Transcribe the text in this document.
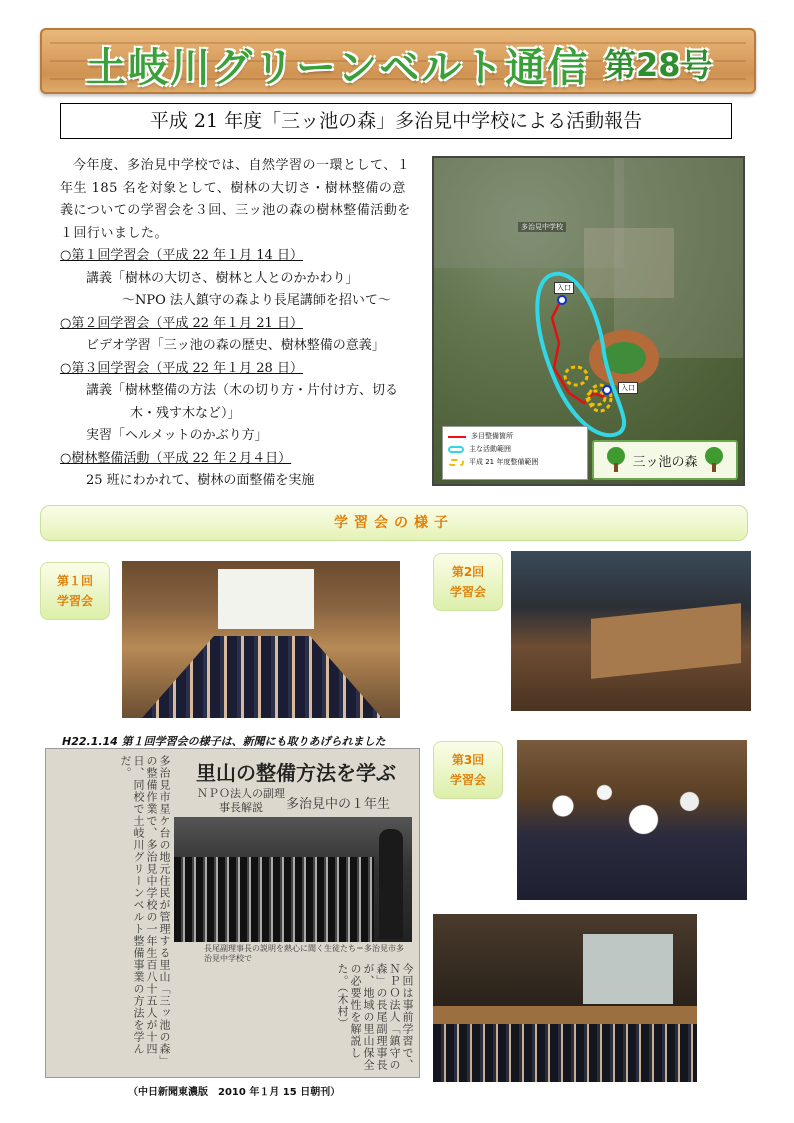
土岐川グリーンベルト通信 第28号
平成 21 年度「三ッ池の森」多治見中学校による活動報告

今年度、多治見中学校では、自然学習の一環として、１年生 185 名を対象として、樹林の大切さ・樹林整備の意義についての学習会を３回、三ッ池の森の樹林整備活動を１回行いました。

○第１回学習会（平成 22 年１月 14 日）

講義「樹林の大切さ、樹林と人とのかかわり」

～NPO 法人鎮守の森より長尾講師を招いて～

○第２回学習会（平成 22 年１月 21 日）

ビデオ学習「三ッ池の森の歴史、樹林整備の意義」

○第３回学習会（平成 22 年１月 28 日）

講義「樹林整備の方法（木の切り方・片付け方、切る

木・残す木など）」

実習「ヘルメットのかぶり方」

○樹林整備活動（平成 22 年２月４日）

25 班にわかれて、樹林の面整備を実施

多治見中学校
入口
入口
多目整備箇所
主な活動範囲
平成 21 年度整備範囲	三ッ池の森
学習会の様子
第１回
学習会
第2回
学習会
第3回
学習会
H22.1.14 第１回学習会の様子は、新聞にも取りあげられました
多治見市星ケ台の地元住民が管理する里山「三ッ池の森」の整備作業で、多治見中学校の一年生百八十五人が十四日、同校で土岐川グリーンベルト整備事業の方法を学んだ。	里山の整備方法を学ぶ
ＮＰＯ法人の副理事長解説	多治見中の１年生
長尾副理事長の説明を熱心に聞く生徒たち＝多治見市多治見中学校で
今回は事前学習で、ＮＰＯ法人「鎮守の森」の長尾副理事長が、地域の里山保全の必要性を解説した。（木村）
（中日新聞東濃版　2010 年１月 15 日朝刊）
